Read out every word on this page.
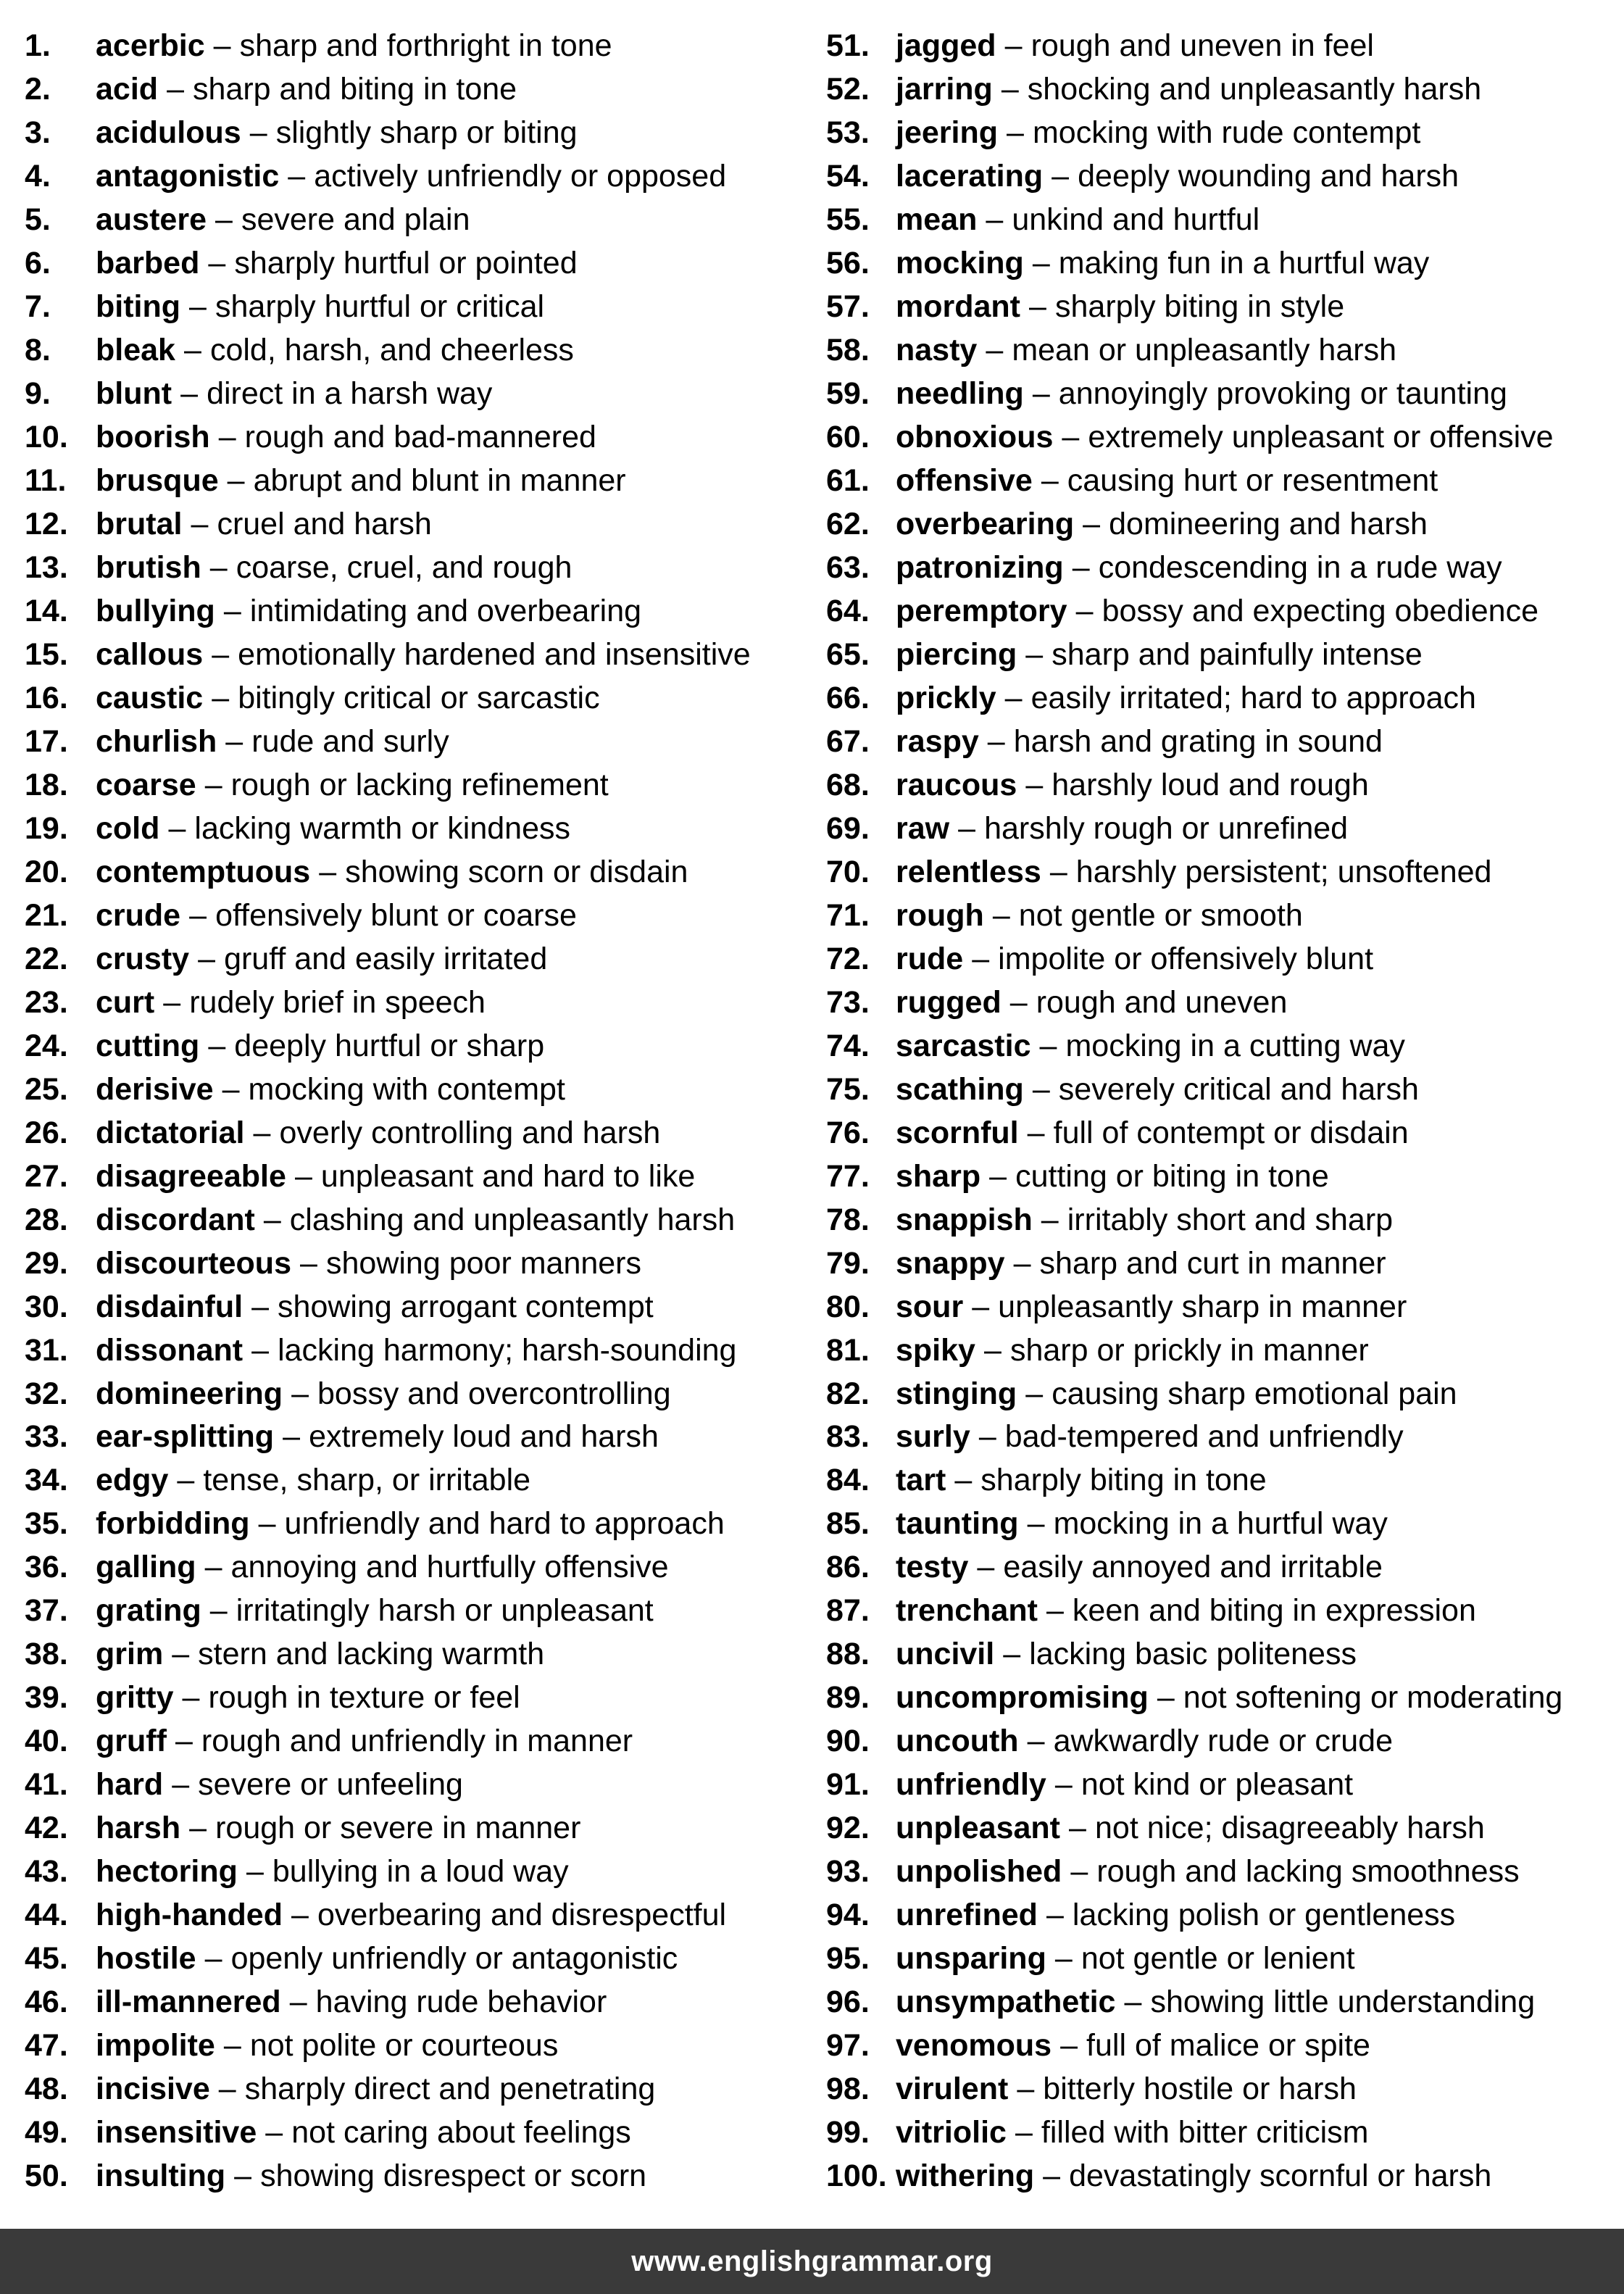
1.	acerbic – sharp and forthright in tone
2.	acid – sharp and biting in tone
3.	acidulous – slightly sharp or biting
4.	antagonistic – actively unfriendly or opposed
5.	austere – severe and plain
6.	barbed – sharply hurtful or pointed
7.	biting – sharply hurtful or critical
8.	bleak – cold, harsh, and cheerless
9.	blunt – direct in a harsh way
10. boorish – rough and bad-mannered
11. brusque – abrupt and blunt in manner
12. brutal – cruel and harsh
13. brutish – coarse, cruel, and rough
14. bullying – intimidating and overbearing
15. callous – emotionally hardened and insensitive
16. caustic – bitingly critical or sarcastic
17. churlish – rude and surly
18. coarse – rough or lacking refinement
19. cold – lacking warmth or kindness
20. contemptuous – showing scorn or disdain
21. crude – offensively blunt or coarse
22. crusty – gruff and easily irritated
23. curt – rudely brief in speech
24. cutting – deeply hurtful or sharp
25. derisive – mocking with contempt
26. dictatorial – overly controlling and harsh
27. disagreeable – unpleasant and hard to like
28. discordant – clashing and unpleasantly harsh
29. discourteous – showing poor manners
30. disdainful – showing arrogant contempt
31. dissonant – lacking harmony; harsh-sounding
32. domineering – bossy and overcontrolling
33. ear-splitting – extremely loud and harsh
34. edgy – tense, sharp, or irritable
35. forbidding – unfriendly and hard to approach
36. galling – annoying and hurtfully offensive
37. grating – irritatingly harsh or unpleasant
38. grim – stern and lacking warmth
39. gritty – rough in texture or feel
40. gruff – rough and unfriendly in manner
41. hard – severe or unfeeling
42. harsh – rough or severe in manner
43. hectoring – bullying in a loud way
44. high-handed – overbearing and disrespectful
45. hostile – openly unfriendly or antagonistic
46. ill-mannered – having rude behavior
47. impolite – not polite or courteous
48. incisive – sharply direct and penetrating
49. insensitive – not caring about feelings
50. insulting – showing disrespect or scorn
51. jagged – rough and uneven in feel
52. jarring – shocking and unpleasantly harsh
53. jeering – mocking with rude contempt
54. lacerating – deeply wounding and harsh
55. mean – unkind and hurtful
56. mocking – making fun in a hurtful way
57. mordant – sharply biting in style
58. nasty – mean or unpleasantly harsh
59. needling – annoyingly provoking or taunting
60. obnoxious – extremely unpleasant or offensive
61. offensive – causing hurt or resentment
62. overbearing – domineering and harsh
63. patronizing – condescending in a rude way
64. peremptory – bossy and expecting obedience
65. piercing – sharp and painfully intense
66. prickly – easily irritated; hard to approach
67. raspy – harsh and grating in sound
68. raucous – harshly loud and rough
69. raw – harshly rough or unrefined
70. relentless – harshly persistent; unsoftened
71. rough – not gentle or smooth
72. rude – impolite or offensively blunt
73. rugged – rough and uneven
74. sarcastic – mocking in a cutting way
75. scathing – severely critical and harsh
76. scornful – full of contempt or disdain
77. sharp – cutting or biting in tone
78. snappish – irritably short and sharp
79. snappy – sharp and curt in manner
80. sour – unpleasantly sharp in manner
81. spiky – sharp or prickly in manner
82. stinging – causing sharp emotional pain
83. surly – bad-tempered and unfriendly
84. tart – sharply biting in tone
85. taunting – mocking in a hurtful way
86. testy – easily annoyed and irritable
87. trenchant – keen and biting in expression
88. uncivil – lacking basic politeness
89. uncompromising – not softening or moderating
90. uncouth – awkwardly rude or crude
91. unfriendly – not kind or pleasant
92. unpleasant – not nice; disagreeably harsh
93. unpolished – rough and lacking smoothness
94. unrefined – lacking polish or gentleness
95. unsparing – not gentle or lenient
96. unsympathetic – showing little understanding
97. venomous – full of malice or spite
98. virulent – bitterly hostile or harsh
99. vitriolic – filled with bitter criticism
100. withering – devastatingly scornful or harsh
www.englishgrammar.org
